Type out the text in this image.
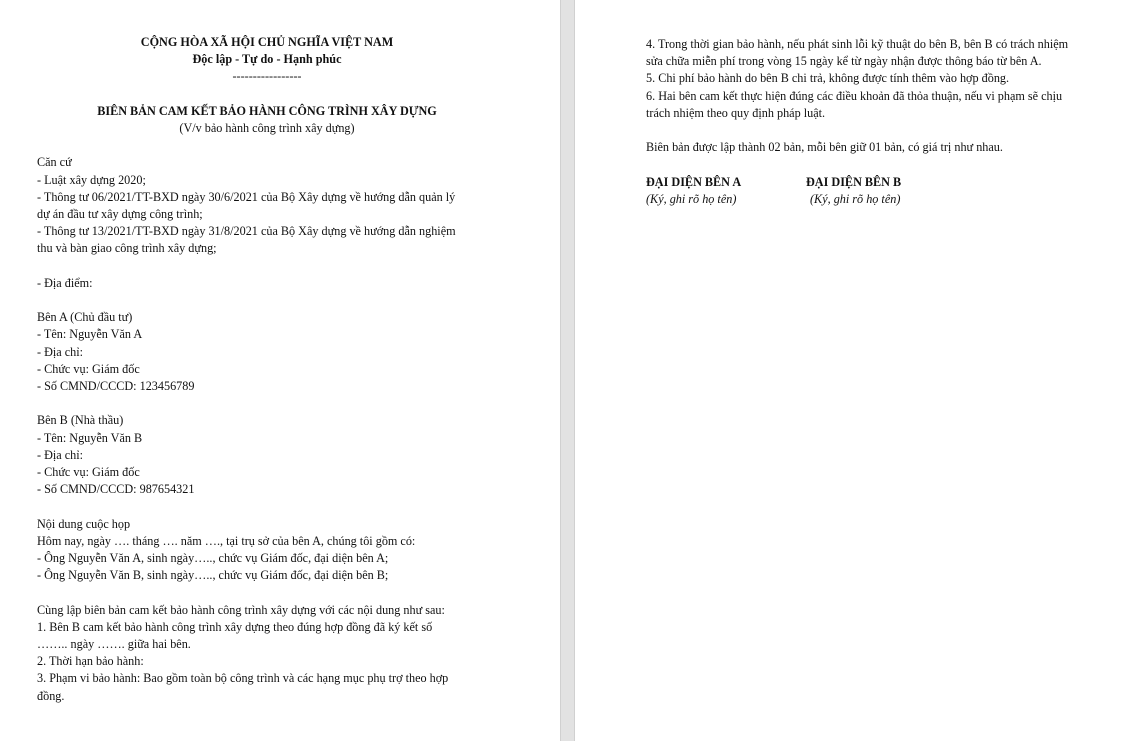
CỘNG HÒA XÃ HỘI CHỦ NGHĨA VIỆT NAM
Độc lập - Tự do - Hạnh phúc
-----------------
BIÊN BẢN CAM KẾT BẢO HÀNH CÔNG TRÌNH XÂY DỰNG
(V/v bảo hành công trình xây dựng)
Căn cứ
- Luật xây dựng 2020;
- Thông tư 06/2021/TT-BXD ngày 30/6/2021 của Bộ Xây dựng về hướng dẫn quản lý
dự án đầu tư xây dựng công trình;
- Thông tư 13/2021/TT-BXD ngày 31/8/2021 của Bộ Xây dựng về hướng dẫn nghiệm
thu và bàn giao công trình xây dựng;
- Địa điểm:
Bên A (Chủ đầu tư)
- Tên: Nguyễn Văn A
- Địa chỉ:
- Chức vụ: Giám đốc
- Số CMND/CCCD: 123456789
Bên B (Nhà thầu)
- Tên: Nguyễn Văn B
- Địa chỉ:
- Chức vụ: Giám đốc
- Số CMND/CCCD: 987654321
Nội dung cuộc họp
Hôm nay, ngày …. tháng …. năm …., tại trụ sở của bên A, chúng tôi gồm có:
- Ông Nguyễn Văn A, sinh ngày….., chức vụ Giám đốc, đại diện bên A;
- Ông Nguyễn Văn B, sinh ngày….., chức vụ Giám đốc, đại diện bên B;
Cùng lập biên bản cam kết bảo hành công trình xây dựng với các nội dung như sau:
1. Bên B cam kết bảo hành công trình xây dựng theo đúng hợp đồng đã ký kết số
…….. ngày ……. giữa hai bên.
2. Thời hạn bảo hành:
3. Phạm vi bảo hành: Bao gồm toàn bộ công trình và các hạng mục phụ trợ theo hợp
đồng.
4. Trong thời gian bảo hành, nếu phát sinh lỗi kỹ thuật do bên B, bên B có trách nhiệm
sửa chữa miễn phí trong vòng 15 ngày kể từ ngày nhận được thông báo từ bên A.
5. Chi phí bảo hành do bên B chi trả, không được tính thêm vào hợp đồng.
6. Hai bên cam kết thực hiện đúng các điều khoản đã thỏa thuận, nếu vi phạm sẽ chịu
trách nhiệm theo quy định pháp luật.
Biên bản được lập thành 02 bản, mỗi bên giữ 01 bản, có giá trị như nhau.
ĐẠI DIỆN BÊN A
(Ký, ghi rõ họ tên)
ĐẠI DIỆN BÊN B
(Ký, ghi rõ họ tên)
